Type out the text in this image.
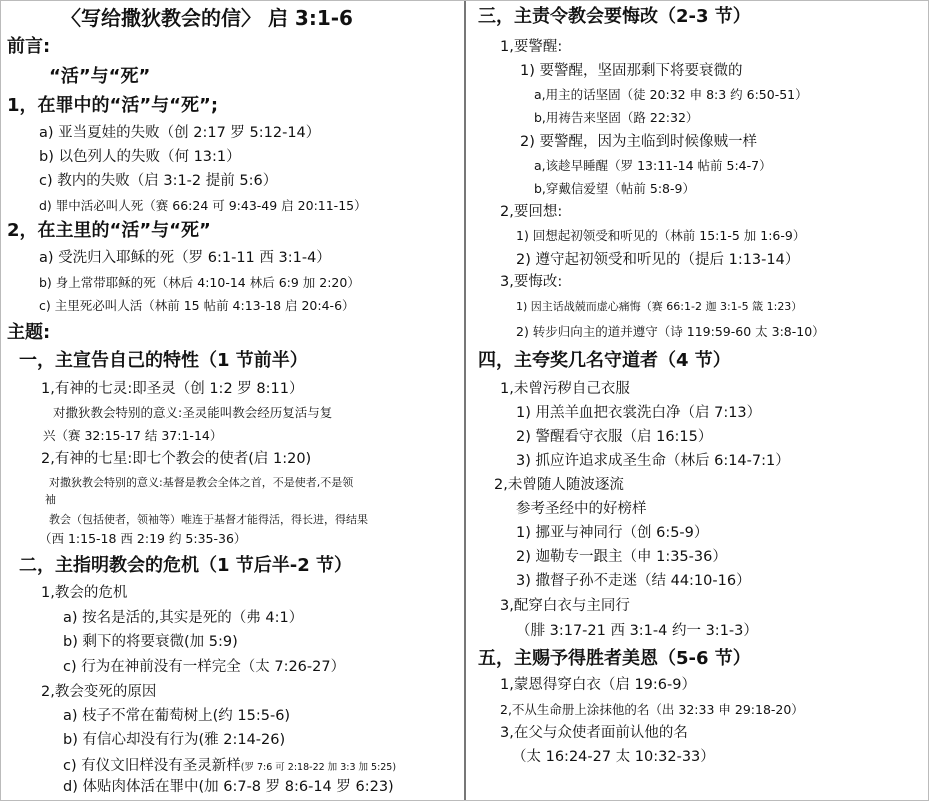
〈写给撒狄教会的信〉 启 3:1-6
前言:
“活”与“死”
1，在罪中的“活”与“死”;
a) 亚当夏娃的失败（创 2:17 罗 5:12-14）
b) 以色列人的失败（何 13:1）
c) 教内的失败（启 3:1-2 提前 5:6）
d) 罪中活必叫人死（赛 66:24 可 9:43-49 启 20:11-15）
2，在主里的“活”与“死”
a) 受洗归入耶稣的死（罗 6:1-11 西 3:1-4）
b) 身上常带耶稣的死（林后 4:10-14 林后 6:9 加 2:20）
c) 主里死必叫人活（林前 15 帖前 4:13-18 启 20:4-6）
主题:
一，主宣告自己的特性（1 节前半）
1,有神的七灵:即圣灵（创 1:2 罗 8:11）
对撒狄教会特别的意义:圣灵能叫教会经历复活与复
兴（赛 32:15-17 结 37:1-14）
2,有神的七星:即七个教会的使者(启 1:20)
对撒狄教会特别的意义:基督是教会全体之首，不是使者,不是领
袖
教会（包括使者，领袖等）唯连于基督才能得活，得长进，得结果
（西 1:15-18 西 2:19 约 5:35-36）
二，主指明教会的危机（1 节后半-2 节）
1,教会的危机
a) 按名是活的,其实是死的（弗 4:1）
b) 剩下的将要衰微(加 5:9)
c) 行为在神前没有一样完全（太 7:26-27）
2,教会变死的原因
a) 枝子不常在葡萄树上(约 15:5-6)
b) 有信心却没有行为(雅 2:14-26)
c) 有仪文旧样没有圣灵新样(罗 7:6 可 2:18-22 加 3:3 加 5:25)
d) 体贴肉体活在罪中(加 6:7-8 罗 8:6-14 罗 6:23)
三，主责令教会要悔改（2-3 节）
1,要警醒:
1) 要警醒，坚固那剩下将要衰微的
a,用主的话坚固（徒 20:32 申 8:3 约 6:50-51）
b,用祷告来坚固（路 22:32）
2) 要警醒，因为主临到时候像贼一样
a,该趁早睡醒（罗 13:11-14 帖前 5:4-7）
b,穿戴信爱望（帖前 5:8-9）
2,要回想:
1) 回想起初领受和听见的（林前 15:1-5 加 1:6-9）
2) 遵守起初领受和听见的（提后 1:13-14）
3,要悔改:
1) 因主话战兢而虚心痛悔（赛 66:1-2 迦 3:1-5 箴 1:23）
2) 转步归向主的道并遵守（诗 119:59-60 太 3:8-10）
四，主夸奖几名守道者（4 节）
1,未曾污秽自己衣服
1) 用羔羊血把衣裳洗白净（启 7:13）
2) 警醒看守衣服（启 16:15）
3) 抓应许追求成圣生命（林后 6:14-7:1）
2,未曾随人随波逐流
参考圣经中的好榜样
1) 挪亚与神同行（创 6:5-9）
2) 迦勒专一跟主（申 1:35-36）
3) 撒督子孙不走迷（结 44:10-16）
3,配穿白衣与主同行
（腓 3:17-21 西 3:1-4 约一 3:1-3）
五，主赐予得胜者美恩（5-6 节）
1,蒙恩得穿白衣（启 19:6-9）
2,不从生命册上涂抹他的名（出 32:33 申 29:18-20）
3,在父与众使者面前认他的名
（太 16:24-27 太 10:32-33）
